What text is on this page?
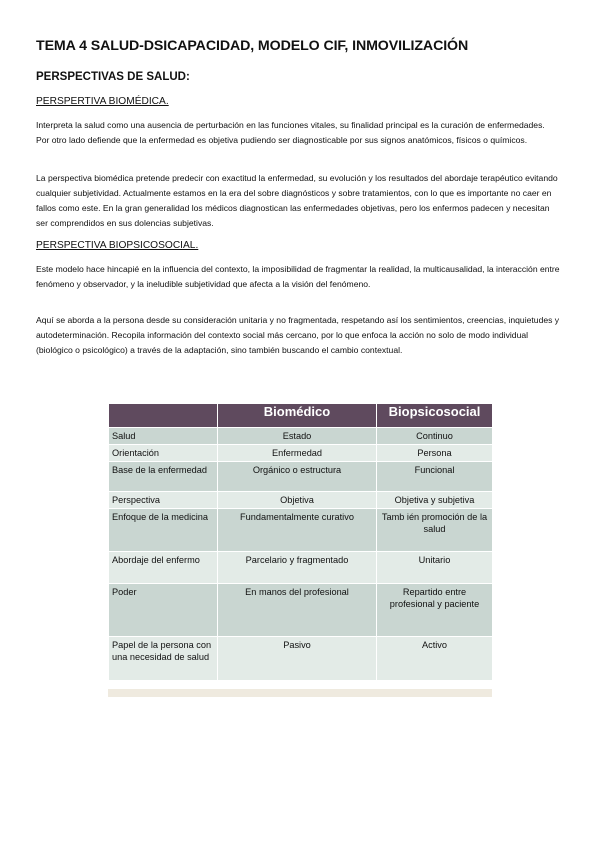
TEMA 4 SALUD-DSICAPACIDAD, MODELO CIF, INMOVILIZACIÓN
PERSPECTIVAS DE SALUD:
PERSPERTIVA BIOMÉDICA.

Interpreta la salud como una ausencia de perturbación en las funciones vitales, su finalidad principal es la curación de enfermedades. Por otro lado defiende que la enfermedad es objetiva pudiendo ser diagnosticable por sus signos anatómicos, físicos o químicos.

La perspectiva biomédica pretende predecir con exactitud la enfermedad, su evolución y los resultados del abordaje terapéutico evitando cualquier subjetividad. Actualmente estamos en la era del sobre diagnósticos y sobre tratamientos, con lo que es importante no caer en fallos como este. En la gran generalidad los médicos diagnostican las enfermedades objetivas, pero los enfermos padecen y necesitan ser comprendidos en sus dolencias subjetivas.

PERSPECTIVA BIOPSICOSOCIAL.

Este modelo hace hincapié en la influencia del contexto, la imposibilidad de fragmentar la realidad, la multicausalidad, la interacción entre fenómeno y observador, y la ineludible subjetividad que afecta a la visión del fenómeno.

Aquí se aborda a la persona desde su consideración unitaria y no fragmentada, respetando así los sentimientos, creencias, inquietudes y autodeterminación. Recopila información del contexto social más cercano, por lo que enfoca la acción no solo de modo individual (biológico o psicológico) a través de la adaptación, sino también buscando el cambio contextual.

	Biomédico	Biopsicosocial
Salud	Estado	Continuo
Orientación	Enfermedad	Persona
Base de la enfermedad	Orgánico o estructura	Funcional
Perspectiva	Objetiva	Objetiva y subjetiva
Enfoque de la medicina	Fundamentalmente curativo	Tamb ién promoción de la salud
Abordaje del enfermo	Parcelario y fragmentado	Unitario
Poder	En manos del profesional	Repartido entre profesional y paciente
Papel de la persona con una necesidad de salud	Pasivo	Activo
